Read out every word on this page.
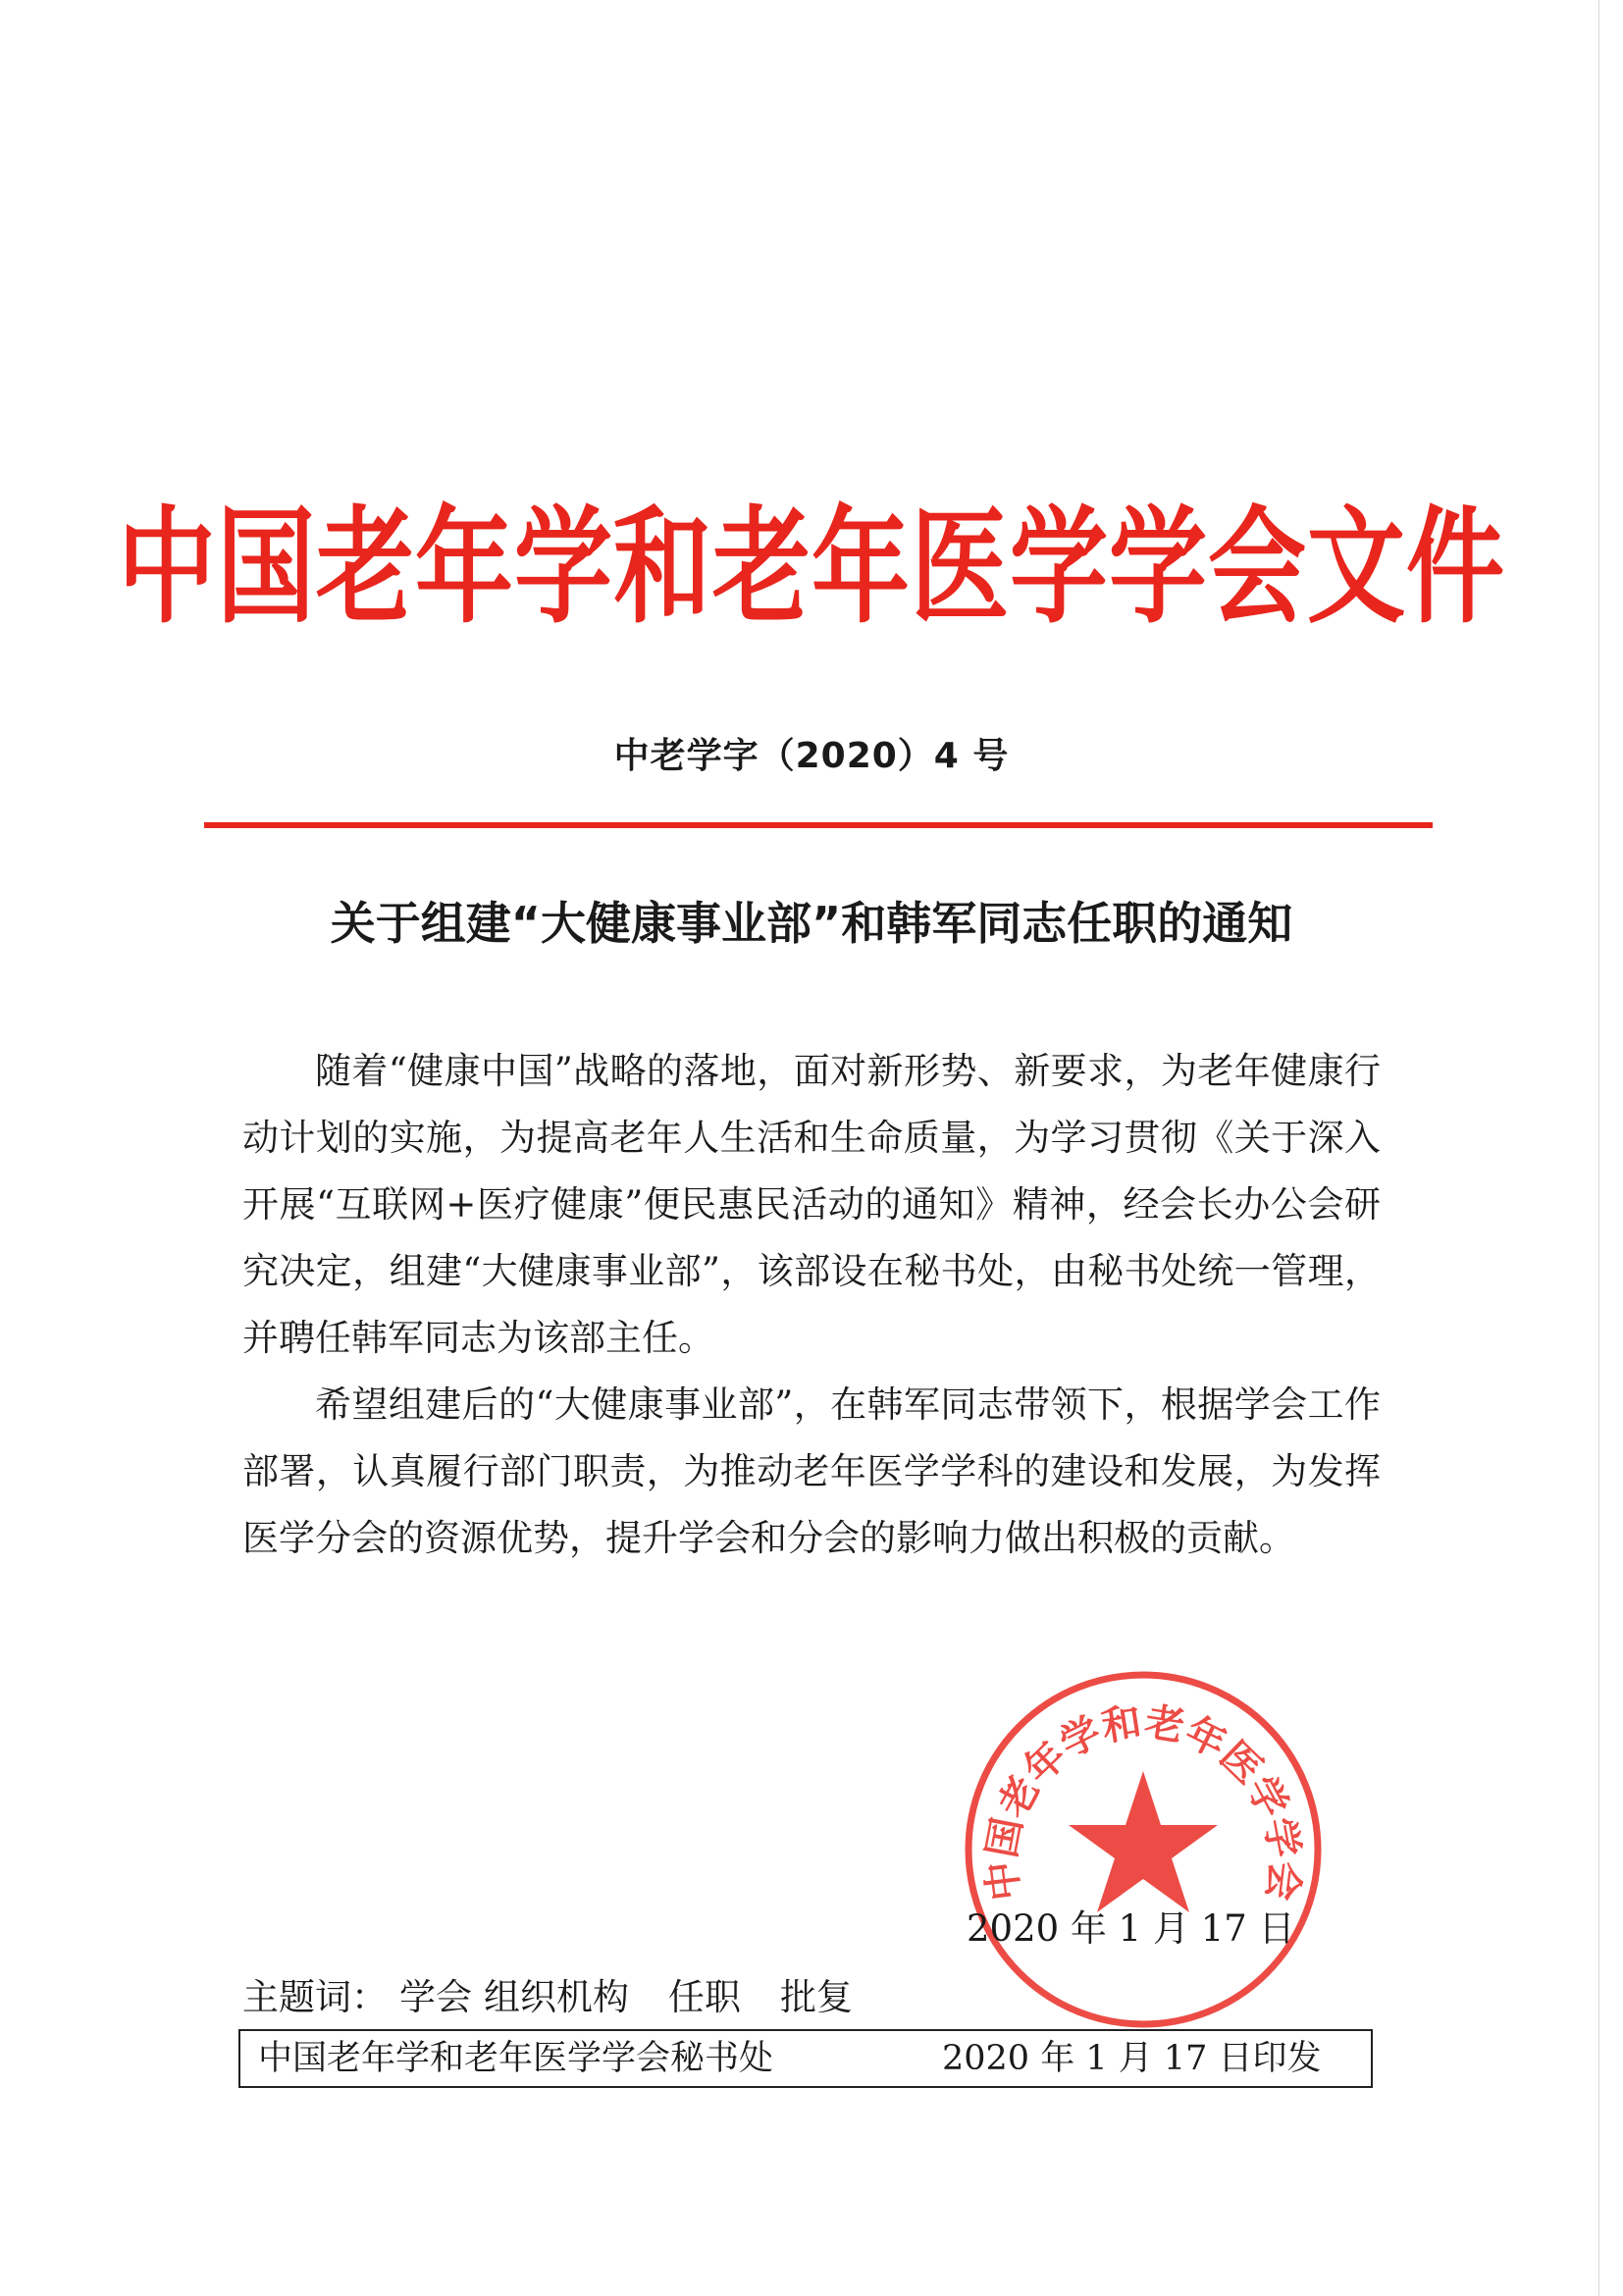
中国老年学和老年医学学会文件
中老学字（2020）4 号
关于组建“大健康事业部”和韩军同志任职的通知

随着“健康中国”战略的落地，面对新形势、新要求，为老年健康行动计划的实施，为提高老年人生活和生命质量，为学习贯彻《关于深入开展“互联网+医疗健康”便民惠民活动的通知》精神，经会长办公会研究决定，组建“大健康事业部”，该部设在秘书处，由秘书处统一管理，并聘任韩军同志为该部主任。

希望组建后的“大健康事业部”，在韩军同志带领下，根据学会工作部署，认真履行部门职责，为推动老年医学学科的建设和发展，为发挥医学分会的资源优势，提升学会和分会的影响力做出积极的贡献。

中国老年学和老年医学学会
2020 年 1 月 17 日
主题词： 学会 组织机构 任职 批复
中国老年学和老年医学学会秘书处	2020 年 1 月 17 日印发
